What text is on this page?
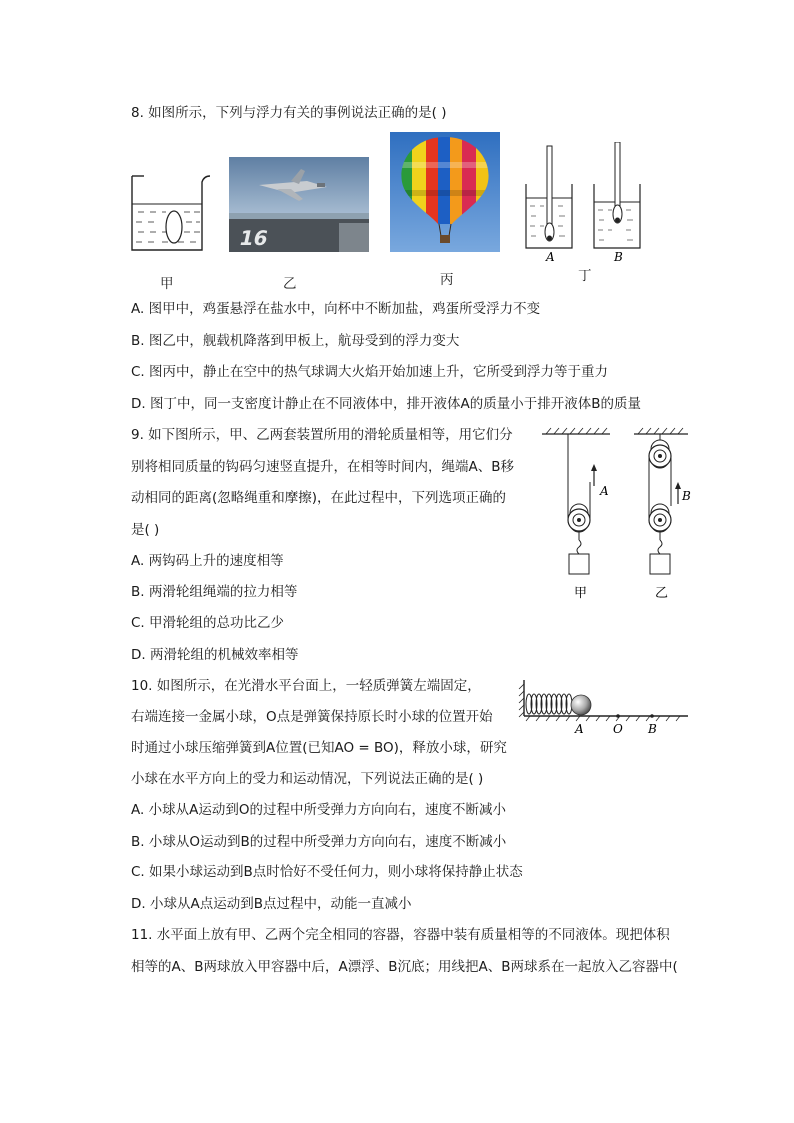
8. 如图所示，下列与浮力有关的事例说法正确的是( )
甲
16
乙	丙
A	B
丁
A. 图甲中，鸡蛋悬浮在盐水中，向杯中不断加盐，鸡蛋所受浮力不变
B. 图乙中，舰载机降落到甲板上，航母受到的浮力变大
C. 图丙中，静止在空中的热气球调大火焰开始加速上升，它所受到浮力等于重力
D. 图丁中，同一支密度计静止在不同液体中，排开液体A的质量小于排开液体B的质量
9. 如下图所示，甲、乙两套装置所用的滑轮质量相等，用它们分
别将相同质量的钩码匀速竖直提升，在相等时间内，绳端A、B移
动相同的距离(忽略绳重和摩擦)，在此过程中，下列选项正确的
是( )
A. 两钩码上升的速度相等
B. 两滑轮组绳端的拉力相等
C. 甲滑轮组的总功比乙少
D. 两滑轮组的机械效率相等
A
甲
B
乙
10. 如图所示，在光滑水平台面上，一轻质弹簧左端固定，
右端连接一金属小球，O点是弹簧保持原长时小球的位置开始
时通过小球压缩弹簧到A位置(已知AO = BO)，释放小球，研究
小球在水平方向上的受力和运动情况，下列说法正确的是( )
A. 小球从A运动到O的过程中所受弹力方向向右，速度不断减小
B. 小球从O运动到B的过程中所受弹力方向向右，速度不断减小
C. 如果小球运动到B点时恰好不受任何力，则小球将保持静止状态
D. 小球从A点运动到B点过程中，动能一直减小
A O B
11. 水平面上放有甲、乙两个完全相同的容器，容器中装有质量相等的不同液体。现把体积
相等的A、B两球放入甲容器中后，A漂浮、B沉底；用线把A、B两球系在一起放入乙容器中(
